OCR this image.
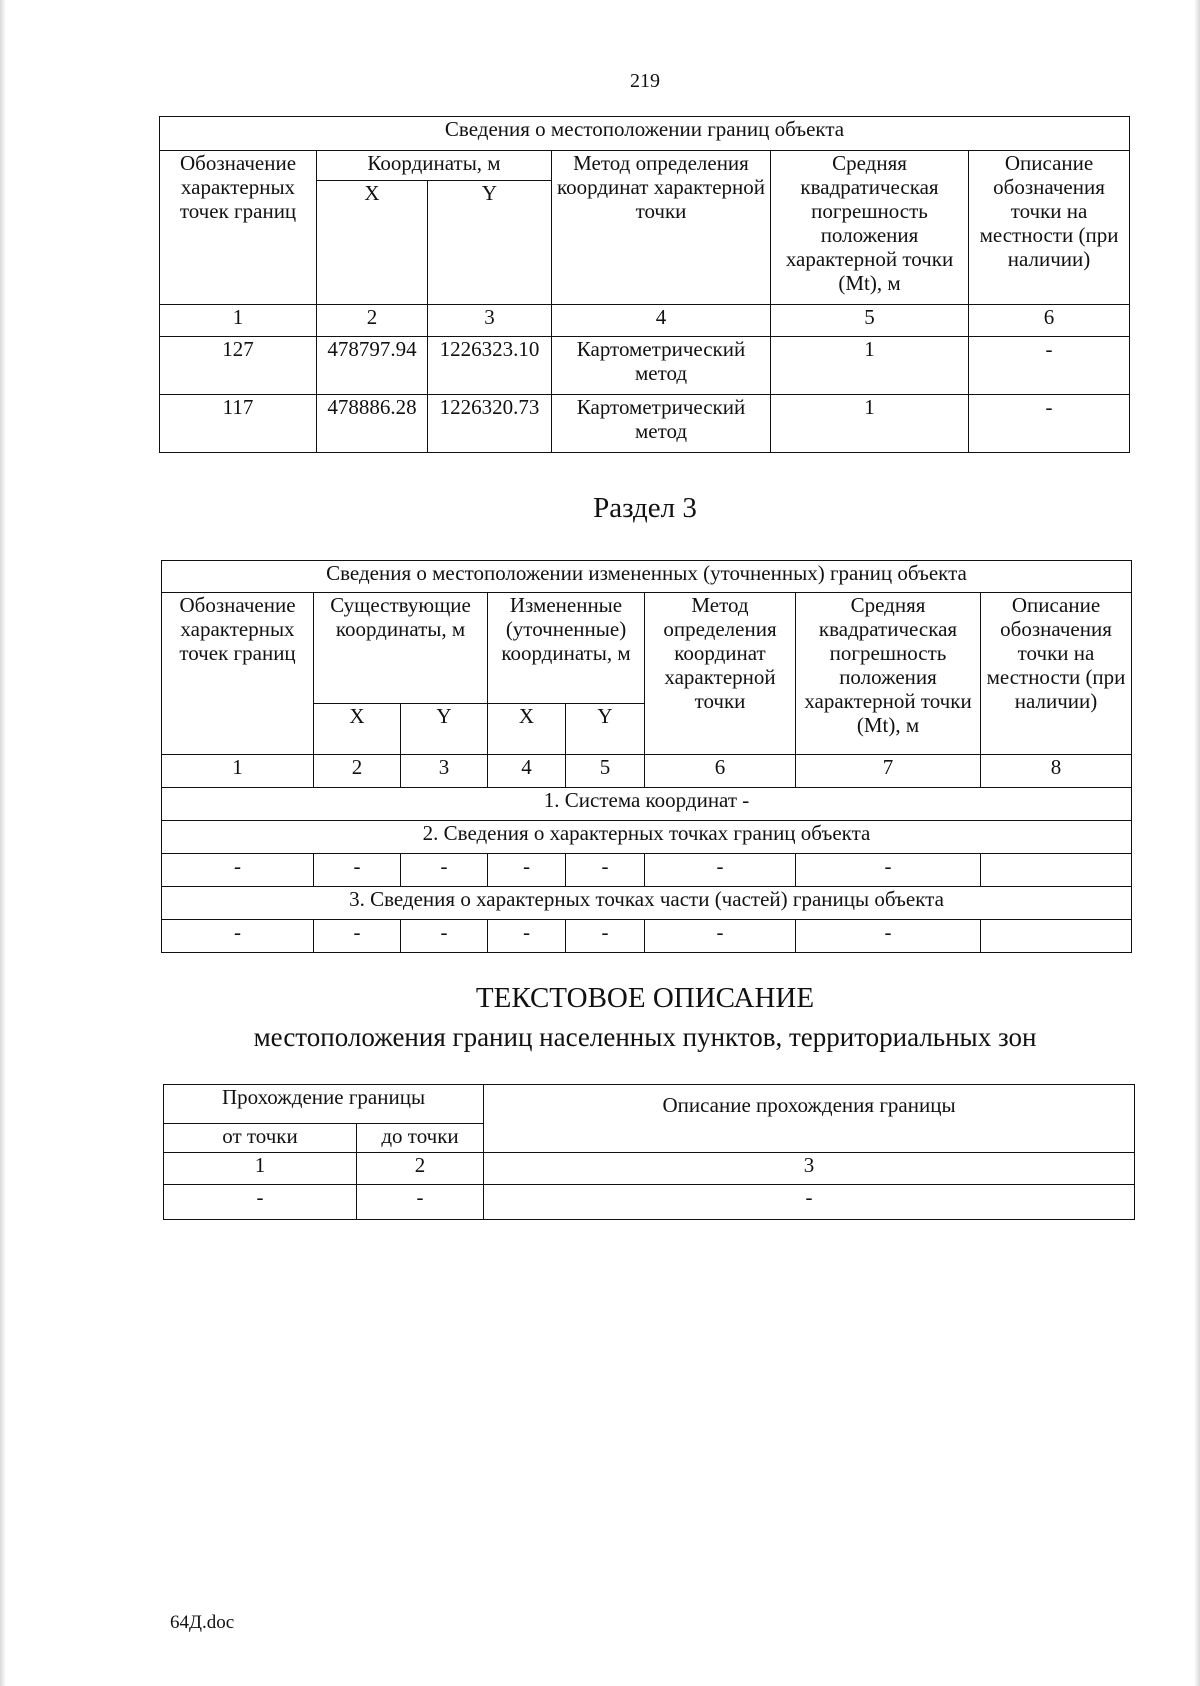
219
Сведения о местоположении границ объекта					
Обозначение характерных точек границ	Координаты, м		Метод определения координат характерной точки	Средняя квадратическая погрешность положения характерной точки (Mt), м	Описание обозначения точки на местности (при наличии)
	X	Y			
1	2	3	4	5	6
127	478797.94	1226323.10	Картометрический метод	1	-
117	478886.28	1226320.73	Картометрический метод	1	-
Раздел 3
Сведения о местоположении измененных (уточненных) границ объекта							
Обозначение характерных точек границ	Существующие координаты, м		Измененные (уточненные) координаты, м		Метод определения координат характерной точки	Средняя квадратическая погрешность положения характерной точки (Mt), м	Описание обозначения точки на местности (при наличии)
	X	Y	X	Y			
1	2	3	4	5	6	7	8
1. Система координат -							
2. Сведения о характерных точках границ объекта							
-	-	-	-	-	-	-	
3. Сведения о характерных точках части (частей) границы объекта							
-	-	-	-	-	-	-	
ТЕКСТОВОЕ ОПИСАНИЕ
местоположения границ населенных пунктов, территориальных зон
Прохождение границы		Описание прохождения границы
от точки	до точки	
1	2	3
-	-	-
64Д.doc
